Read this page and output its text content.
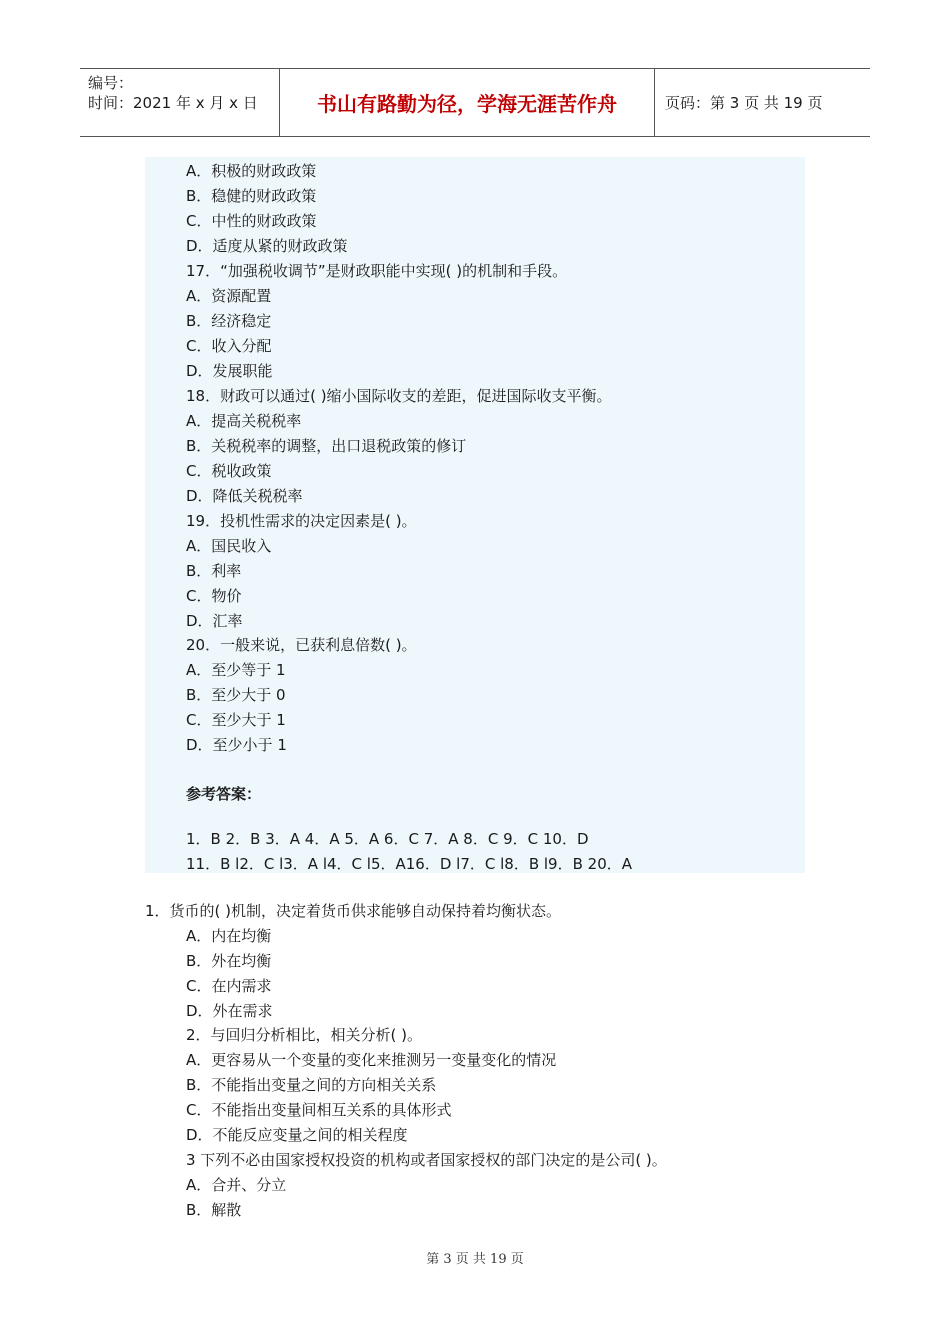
编号：
时间：2021 年 x 月 x 日	书山有路勤为径，学海无涯苦作舟	页码：第 3 页 共 19 页
A．积极的财政政策
B．稳健的财政政策
C．中性的财政政策
D．适度从紧的财政政策
17．“加强税收调节”是财政职能中实现( )的机制和手段。
A．资源配置
B．经济稳定
C．收入分配
D．发展职能
18．财政可以通过( )缩小国际收支的差距，促进国际收支平衡。
A．提高关税税率
B．关税税率的调整，出口退税政策的修订
C．税收政策
D．降低关税税率
19．投机性需求的决定因素是( )。
A．国民收入
B．利率
C．物价
D．汇率
20．一般来说，已获利息倍数( )。
A．至少等于 1
B．至少大于 0
C．至少大于 1
D．至少小于 1
参考答案：
1．B 2．B 3．A 4．A 5．A 6．C 7．A 8．C 9．C 10．D
11．B l2．C l3．A l4．C l5．A16．D l7．C l8．B l9．B 20．A
1．货币的( )机制，决定着货币供求能够自动保持着均衡状态。
A．内在均衡
B．外在均衡
C．在内需求
D．外在需求
2．与回归分析相比，相关分析( )。
A．更容易从一个变量的变化来推测另一变量变化的情况
B．不能指出变量之间的方向相关关系
C．不能指出变量间相互关系的具体形式
D．不能反应变量之间的相关程度
3 下列不必由国家授权投资的机构或者国家授权的部门决定的是公司( )。
A．合并、分立
B．解散
第 3 页 共 19 页
